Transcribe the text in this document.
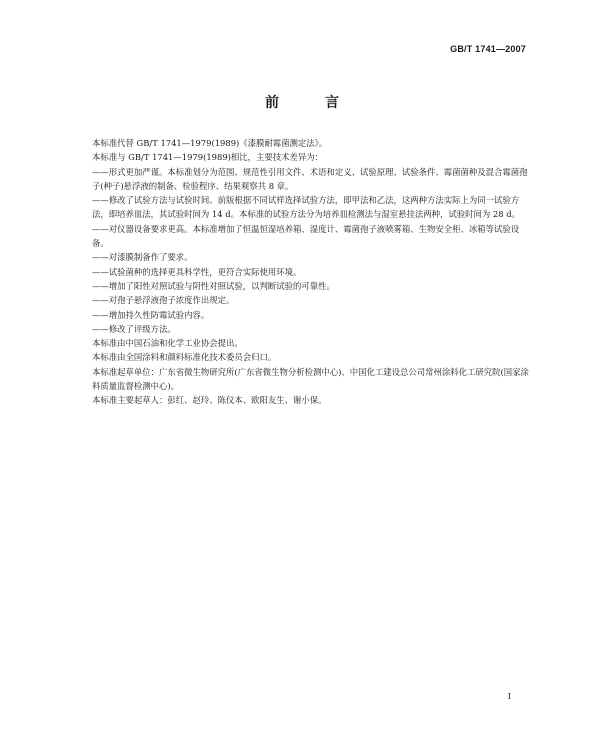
GB/T 1741—2007
前　言

本标准代替 GB/T 1741—1979(1989)《漆膜耐霉菌测定法》。

本标准与 GB/T 1741—1979(1989)相比，主要技术差异为：

——形式更加严谨。本标准划分为范围、规范性引用文件、术语和定义、试验原理、试验条件、霉菌菌种及混合霉菌孢子(种子)悬浮液的制备、检验程序、结果观察共 8 章。

——修改了试验方法与试验时间。前版根据不同试样选择试验方法，即甲法和乙法，这两种方法实际上为同一试验方法，即培养皿法，其试验时间为 14 d。本标准的试验方法分为培养皿检测法与湿室悬挂法两种，试验时间为 28 d。

——对仪器设备要求更高。本标准增加了恒温恒湿培养箱、湿度计、霉菌孢子液喷雾箱、生物安全柜、冰箱等试验设备。

——对漆膜制备作了要求。

——试验菌种的选择更具科学性，更符合实际使用环境。

——增加了阳性对照试验与阴性对照试验，以判断试验的可靠性。

——对孢子悬浮液孢子浓度作出规定。

——增加持久性防霉试验内容。

——修改了评级方法。

本标准由中国石油和化学工业协会提出。

本标准由全国涂料和颜料标准化技术委员会归口。

本标准起草单位：广东省微生物研究所(广东省微生物分析检测中心)、中国化工建设总公司常州涂料化工研究院(国家涂料质量监督检测中心)。

本标准主要起草人：彭红、赵玲、陈仪本、欧阳友生、谢小保。

I
